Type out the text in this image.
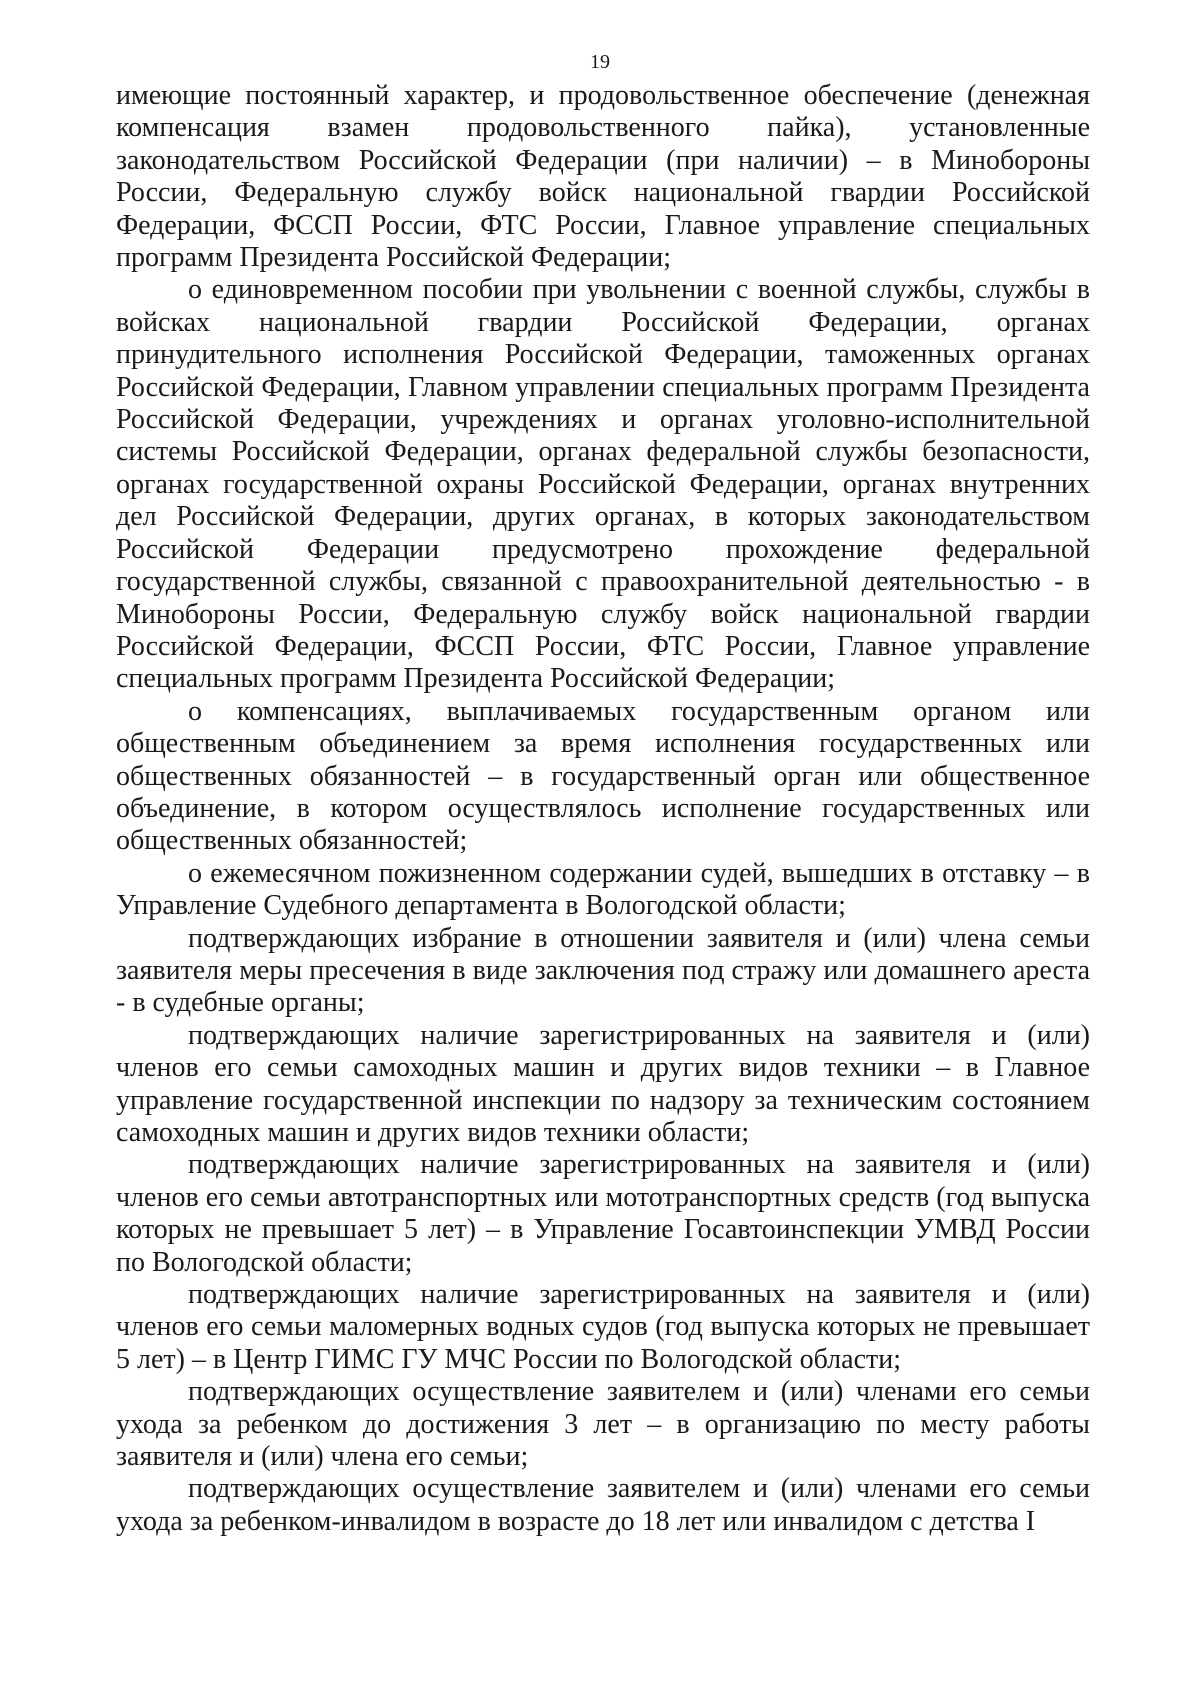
19

имеющие постоянный характер, и продовольственное обеспечение (денежная компенсация взамен продовольственного пайка), установленные законодательством Российской Федерации (при наличии) – в Минобороны России, Федеральную службу войск национальной гвардии Российской Федерации, ФССП России, ФТС России, Главное управление специальных программ Президента Российской Федерации;

о единовременном пособии при увольнении с военной службы, службы в войсках национальной гвардии Российской Федерации, органах принудительного исполнения Российской Федерации, таможенных органах Российской Федерации, Главном управлении специальных программ Президента Российской Федерации, учреждениях и органах уголовно-исполнительной системы Российской Федерации, органах федеральной службы безопасности, органах государственной охраны Российской Федерации, органах внутренних дел Российской Федерации, других органах, в которых законодательством Российской Федерации предусмотрено прохождение федеральной государственной службы, связанной с правоохранительной деятельностью - в Минобороны России, Федеральную службу войск национальной гвардии Российской Федерации, ФССП России, ФТС России, Главное управление специальных программ Президента Российской Федерации;

о компенсациях, выплачиваемых государственным органом или общественным объединением за время исполнения государственных или общественных обязанностей – в государственный орган или общественное объединение, в котором осуществлялось исполнение государственных или общественных обязанностей;

о ежемесячном пожизненном содержании судей, вышедших в отставку – в Управление Судебного департамента в Вологодской области;

подтверждающих избрание в отношении заявителя и (или) члена семьи заявителя меры пресечения в виде заключения под стражу или домашнего ареста - в судебные органы;

подтверждающих наличие зарегистрированных на заявителя и (или) членов его семьи самоходных машин и других видов техники – в Главное управление государственной инспекции по надзору за техническим состоянием самоходных машин и других видов техники области;

подтверждающих наличие зарегистрированных на заявителя и (или) членов его семьи автотранспортных или мототранспортных средств (год выпуска которых не превышает 5 лет) – в Управление Госавтоинспекции УМВД России по Вологодской области;

подтверждающих наличие зарегистрированных на заявителя и (или) членов его семьи маломерных водных судов (год выпуска которых не превышает 5 лет) – в Центр ГИМС ГУ МЧС России по Вологодской области;

подтверждающих осуществление заявителем и (или) членами его семьи ухода за ребенком до достижения 3 лет – в организацию по месту работы заявителя и (или) члена его семьи;

подтверждающих осуществление заявителем и (или) членами его семьи ухода за ребенком-инвалидом в возрасте до 18 лет или инвалидом с детства I
